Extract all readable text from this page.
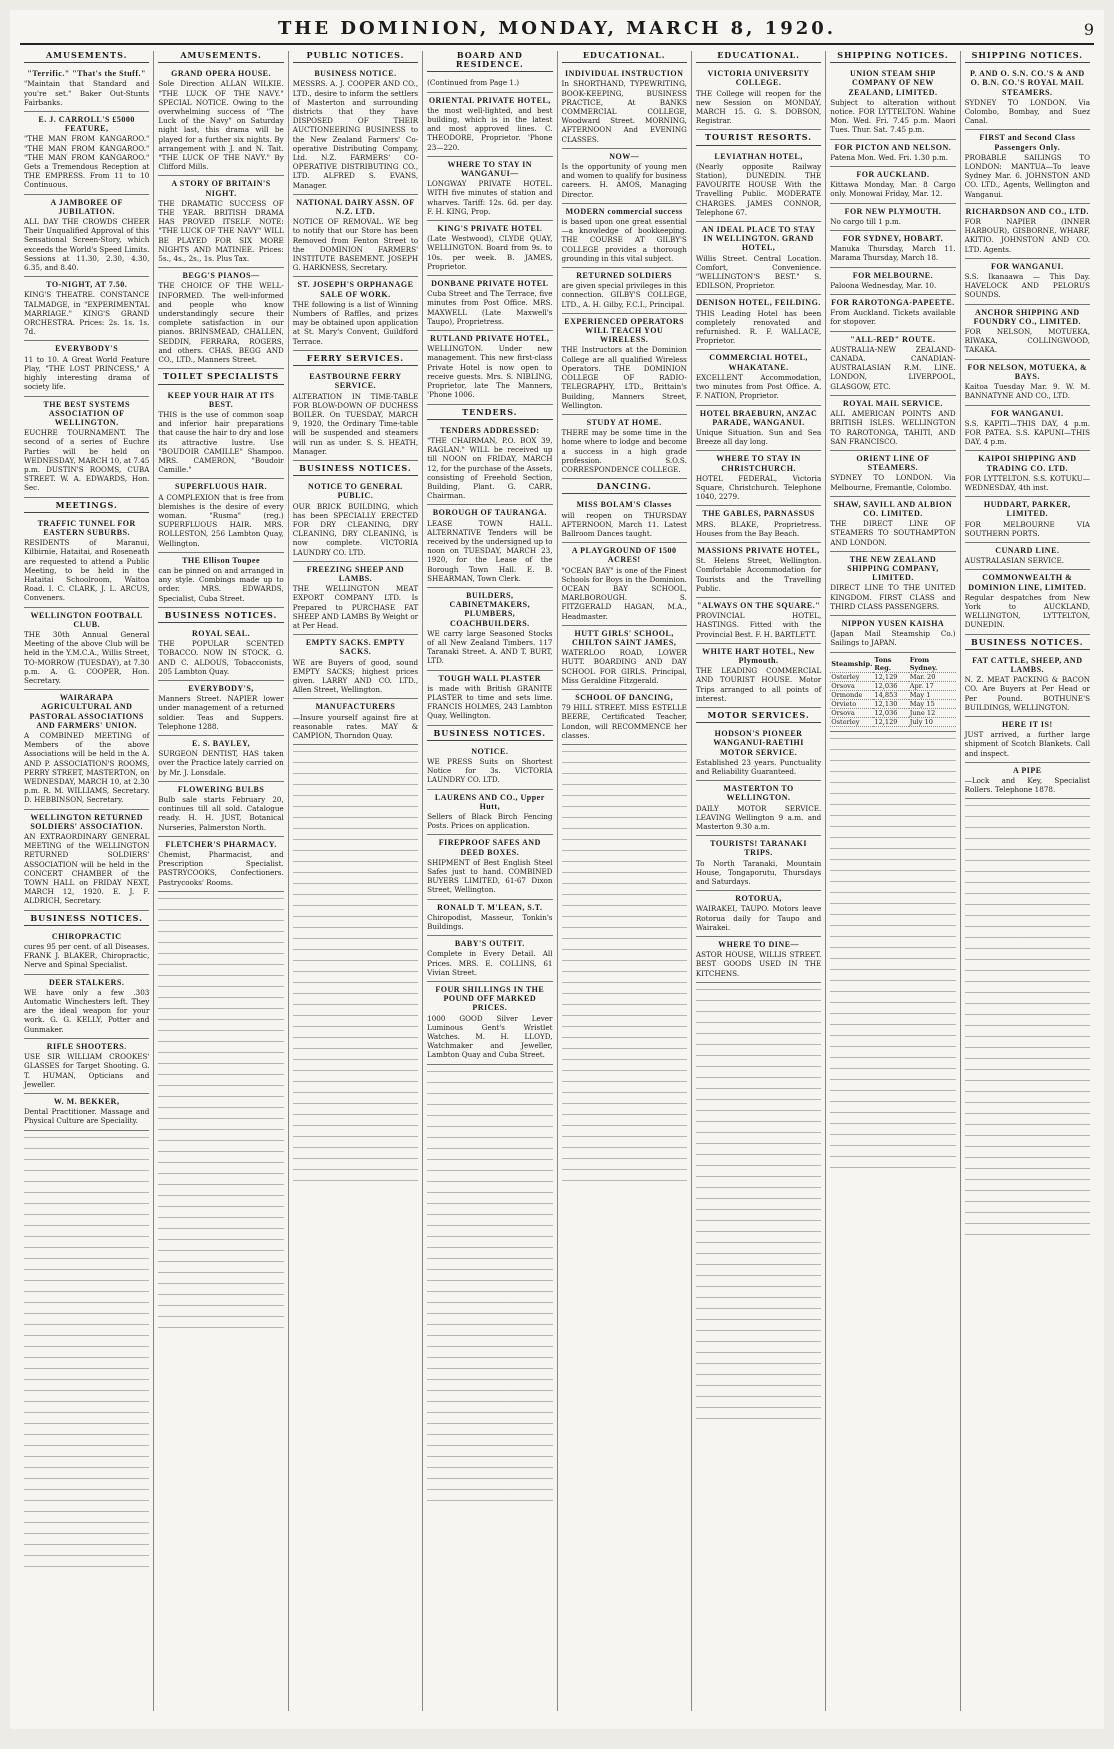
THE DOMINION, MONDAY, MARCH 8, 1920.	9
AMUSEMENTS.
"Terrific." "That's the Stuff."

"Maintain that Standard and you're set." Baker Out-Stunts Fairbanks.

E. J. CARROLL'S £5000 FEATURE,

"THE MAN FROM KANGAROO." "THE MAN FROM KANGAROO." "THE MAN FROM KANGAROO." Gets a Tremendous Reception at THE EMPRESS. From 11 to 10 Continuous.

A JAMBOREE OF JUBILATION.

ALL DAY THE CROWDS CHEER Their Unqualified Approval of this Sensational Screen-Story, which exceeds the World's Speed Limits. Sessions at 11.30, 2.30, 4.30, 6.35, and 8.40.

TO-NIGHT, AT 7.50.

KING'S THEATRE. CONSTANCE TALMADGE, in "EXPERIMENTAL MARRIAGE." KING'S GRAND ORCHESTRA. Prices: 2s. 1s. 1s. 7d.

EVERYBODY'S

11 to 10. A Great World Feature Play, "THE LOST PRINCESS," A highly interesting drama of society life.

THE BEST SYSTEMS ASSOCIATION OF WELLINGTON.

EUCHRE TOURNAMENT. The second of a series of Euchre Parties will be held on WEDNESDAY, MARCH 10, at 7.45 p.m. DUSTIN'S ROOMS, CUBA STREET. W. A. EDWARDS, Hon. Sec.

MEETINGS.
TRAFFIC TUNNEL FOR EASTERN SUBURBS.

RESIDENTS of Maranui, Kilbirnie, Hataitai, and Roseneath are requested to attend a Public Meeting, to be held in the Hataitai Schoolroom, Waitoa Road. I. C. CLARK, J. L. ARCUS, Conveners.

WELLINGTON FOOTBALL CLUB.

THE 30th Annual General Meeting of the above Club will be held in the Y.M.C.A., Willis Street, TO-MORROW (TUESDAY), at 7.30 p.m. A. G. COOPER, Hon. Secretary.

WAIRARAPA AGRICULTURAL AND PASTORAL ASSOCIATIONS AND FARMERS' UNION.

A COMBINED MEETING of Members of the above Associations will be held in the A. AND P. ASSOCIATION'S ROOMS, PERRY STREET, MASTERTON, on WEDNESDAY, MARCH 10, at 2.30 p.m. R. M. WILLIAMS, Secretary. D. HEBBINSON, Secretary.

WELLINGTON RETURNED SOLDIERS' ASSOCIATION.

AN EXTRAORDINARY GENERAL MEETING of the WELLINGTON RETURNED SOLDIERS' ASSOCIATION will be held in the CONCERT CHAMBER of the TOWN HALL on FRIDAY NEXT, MARCH 12, 1920. E. J. F. ALDRICH, Secretary.

BUSINESS NOTICES.
CHIROPRACTIC

cures 95 per cent. of all Diseases. FRANK J. BLAKER, Chiropractic, Nerve and Spinal Specialist.

DEER STALKERS.

WE have only a few .303 Automatic Winchesters left. They are the ideal weapon for your work. G. G. KELLY, Potter and Gunmaker.

RIFLE SHOOTERS.

USE SIR WILLIAM CROOKES' GLASSES for Target Shooting. G. T. HUMAN, Opticians and Jeweller.

W. M. BEKKER,

Dental Practitioner. Massage and Physical Culture are Speciality.

AMUSEMENTS.
GRAND OPERA HOUSE.

Sole Direction ALLAN WILKIE. "THE LUCK OF THE NAVY." SPECIAL NOTICE. Owing to the overwhelming success of "The Luck of the Navy" on Saturday night last, this drama will be played for a further six nights. By arrangement with J. and N. Tait. "THE LUCK OF THE NAVY." By Clifford Mills.

A STORY OF BRITAIN'S NIGHT.

THE DRAMATIC SUCCESS OF THE YEAR. BRITISH DRAMA HAS PROVED ITSELF. NOTE: "THE LUCK OF THE NAVY" WILL BE PLAYED FOR SIX MORE NIGHTS AND MATINEE. Prices: 5s., 4s., 2s., 1s. Plus Tax.

BEGG'S PIANOS—

THE CHOICE OF THE WELL-INFORMED. The well-informed and people who know understandingly secure their complete satisfaction in our pianos. BRINSMEAD, CHALLEN, SEDDIN, FERRARA, ROGERS, and others. CHAS. BEGG AND CO., LTD., Manners Street.

TOILET SPECIALISTS
KEEP YOUR HAIR AT ITS BEST.

THIS is the use of common soap and inferior hair preparations that cause the hair to dry and lose its attractive lustre. Use "BOUDOIR CAMILLE" Shampoo. MRS. CAMERON, "Boudoir Camille."

SUPERFLUOUS HAIR.

A COMPLEXION that is free from blemishes is the desire of every woman. "Rusma" (reg.) SUPERFLUOUS HAIR. MRS. ROLLESTON, 256 Lambton Quay, Wellington.

THE Ellison Toupee

can be pinned on and arranged in any style. Combings made up to order. MRS. EDWARDS, Specialist, Cuba Street.

BUSINESS NOTICES.
ROYAL SEAL.

THE POPULAR SCENTED TOBACCO. NOW IN STOCK. G. AND C. ALDOUS, Tobacconists, 205 Lambton Quay.

EVERYBODY'S,

Manners Street. NAPIER lower under management of a returned soldier. Teas and Suppers. Telephone 1288.

E. S. BAYLEY,

SURGEON DENTIST, HAS taken over the Practice lately carried on by Mr. J. Lonsdale.

FLOWERING BULBS

Bulb sale starts February 20, continues till all sold. Catalogue ready. H. H. JUST, Botanical Nurseries, Palmerston North.

FLETCHER'S PHARMACY.

Chemist, Pharmacist, and Prescription Specialist. PASTRYCOOKS, Confectioners. Pastrycooks' Rooms.

PUBLIC NOTICES.
BUSINESS NOTICE.

MESSRS. A. J. COOPER AND CO., LTD., desire to inform the settlers of Masterton and surrounding districts that they have DISPOSED OF THEIR AUCTIONEERING BUSINESS to the New Zealand Farmers' Co-operative Distributing Company, Ltd. N.Z. FARMERS' CO-OPERATIVE DISTRIBUTING CO., LTD. ALFRED S. EVANS, Manager.

NATIONAL DAIRY ASSN. OF N.Z. LTD.

NOTICE OF REMOVAL. WE beg to notify that our Store has been Removed from Fenton Street to the DOMINION FARMERS' INSTITUTE BASEMENT. JOSEPH G. HARKNESS, Secretary.

ST. JOSEPH'S ORPHANAGE SALE OF WORK.

THE following is a list of Winning Numbers of Raffles, and prizes may be obtained upon application at St. Mary's Convent, Guildford Terrace.

FERRY SERVICES.
EASTBOURNE FERRY SERVICE.

ALTERATION IN TIME-TABLE FOR BLOW-DOWN OF DUCHESS BOILER. On TUESDAY, MARCH 9, 1920, the Ordinary Time-table will be suspended and steamers will run as under. S. S. HEATH, Manager.

BUSINESS NOTICES.
NOTICE TO GENERAL PUBLIC.

OUR BRICK BUILDING, which has been SPECIALLY ERECTED FOR DRY CLEANING, DRY CLEANING, DRY CLEANING, is now complete. VICTORIA LAUNDRY CO. LTD.

FREEZING SHEEP AND LAMBS.

THE WELLINGTON MEAT EXPORT COMPANY LTD. Is Prepared to PURCHASE FAT SHEEP AND LAMBS By Weight or at Per Head.

EMPTY SACKS. EMPTY SACKS.

WE are Buyers of good, sound EMPTY SACKS; highest prices given. LARRY AND CO. LTD., Allen Street, Wellington.

MANUFACTURERS

—Insure yourself against fire at reasonable rates. MAY & CAMPION, Thorndon Quay.

BOARD AND RESIDENCE.
(Continued from Page 1.)
ORIENTAL PRIVATE HOTEL,

the most well-lighted, and best building, which is in the latest and most approved lines. C. THEODORE, Proprietor. 'Phone 23—220.

WHERE TO STAY IN WANGANUI—

LONGWAY PRIVATE HOTEL. WITH five minutes of station and wharves. Tariff: 12s. 6d. per day. F. H. KING, Prop.

KING'S PRIVATE HOTEL

(Late Westwood), CLYDE QUAY, WELLINGTON. Board from 9s. to 10s. per week. B. JAMES, Proprietor.

DONBANE PRIVATE HOTEL

Cuba Street and The Terrace, five minutes from Post Office. MRS. MAXWELL (Late Maxwell's Taupo), Proprietress.

RUTLAND PRIVATE HOTEL,

WELLINGTON. Under new management. This new first-class Private Hotel is now open to receive guests. Mrs. S. NIBLING, Proprietor, late The Manners, 'Phone 1006.

TENDERS.
TENDERS ADDRESSED:

"THE CHAIRMAN, P.O. BOX 39, RAGLAN." WILL be received up till NOON on FRIDAY, MARCH 12, for the purchase of the Assets, consisting of Freehold Section, Building, Plant. G. CARR, Chairman.

BOROUGH OF TAURANGA.

LEASE TOWN HALL. ALTERNATIVE Tenders will be received by the undersigned up to noon on TUESDAY, MARCH 23, 1920, for the Lease of the Borough Town Hall. E. B. SHEARMAN, Town Clerk.

BUILDERS, CABINETMAKERS, PLUMBERS, COACHBUILDERS.

WE carry large Seasoned Stocks of all New Zealand Timbers. 117 Taranaki Street. A. AND T. BURT, LTD.

TOUGH WALL PLASTER

is made with British GRANITE PLASTER to time and sets lime. FRANCIS HOLMES, 243 Lambton Quay, Wellington.

BUSINESS NOTICES.
NOTICE.

WE PRESS Suits on Shortest Notice for 3s. VICTORIA LAUNDRY CO. LTD.

LAURENS AND CO., Upper Hutt,

Sellers of Black Birch Fencing Posts. Prices on application.

FIREPROOF SAFES AND DEED BOXES.

SHIPMENT of Best English Steel Safes just to hand. COMBINED BUYERS LIMITED, 61-67 Dixon Street, Wellington.

RONALD T. M'LEAN, S.T.

Chiropodist, Masseur, Tonkin's Buildings.

BABY'S OUTFIT.

Complete in Every Detail. All Prices. MRS. E. COLLINS, 61 Vivian Street.

FOUR SHILLINGS IN THE POUND OFF MARKED PRICES.

1000 GOOD Silver Lever Luminous Gent's Wristlet Watches. M. H. LLOYD, Watchmaker and Jeweller, Lambton Quay and Cuba Street.

EDUCATIONAL.
INDIVIDUAL INSTRUCTION

In SHORTHAND, TYPEWRITING, BOOK-KEEPING, BUSINESS PRACTICE, At BANKS COMMERCIAL COLLEGE, Woodward Street. MORNING, AFTERNOON And EVENING CLASSES.

NOW—

Is the opportunity of young men and women to qualify for business careers. H. AMOS, Managing Director.

MODERN commercial success

is based upon one great essential—a knowledge of bookkeeping. THE COURSE AT GILBY'S COLLEGE provides a thorough grounding in this vital subject.

RETURNED SOLDIERS

are given special privileges in this connection. GILBY'S COLLEGE, LTD., A. H. Gilby, F.C.I., Principal.

EXPERIENCED OPERATORS WILL TEACH YOU WIRELESS.

THE Instructors at the Dominion College are all qualified Wireless Operators. THE DOMINION COLLEGE OF RADIO-TELEGRAPHY, LTD., Brittain's Building, Manners Street, Wellington.

STUDY AT HOME.

THERE may be some time in the home where to lodge and become a success in a high grade profession. S.O.S. CORRESPONDENCE COLLEGE.

DANCING.
MISS BOLAM'S Classes

will reopen on THURSDAY AFTERNOON, March 11. Latest Ballroom Dances taught.

A PLAYGROUND OF 1500 ACRES!

"OCEAN BAY" is one of the Finest Schools for Boys in the Dominion. OCEAN BAY SCHOOL, MARLBOROUGH. S. FITZGERALD HAGAN, M.A., Headmaster.

HUTT GIRLS' SCHOOL, CHILTON SAINT JAMES,

WATERLOO ROAD, LOWER HUTT. BOARDING AND DAY SCHOOL FOR GIRLS. Principal, Miss Geraldine Fitzgerald.

SCHOOL OF DANCING,

79 HILL STREET. MISS ESTELLE BEERE, Certificated Teacher, London, will RECOMMENCE her classes.

EDUCATIONAL.
VICTORIA UNIVERSITY COLLEGE.

THE College will reopen for the new Session on MONDAY, MARCH 15. G. S. DOBSON, Registrar.

TOURIST RESORTS.
LEVIATHAN HOTEL,

(Nearly opposite Railway Station), DUNEDIN. THE FAVOURITE HOUSE With the Travelling Public. MODERATE CHARGES. JAMES CONNOR, Telephone 67.

AN IDEAL PLACE TO STAY IN WELLINGTON. GRAND HOTEL,

Willis Street. Central Location. Comfort, Convenience. "WELLINGTON'S BEST." S. EDILSON, Proprietor.

DENISON HOTEL, FEILDING.

THIS Leading Hotel has been completely renovated and refurnished. R. F. WALLACE, Proprietor.

COMMERCIAL HOTEL, WHAKATANE.

EXCELLENT Accommodation, two minutes from Post Office. A. F. NATION, Proprietor.

HOTEL BRAEBURN, ANZAC PARADE, WANGANUI.

Unique Situation. Sun and Sea Breeze all day long.

WHERE TO STAY IN CHRISTCHURCH.

HOTEL FEDERAL, Victoria Square, Christchurch. Telephone 1040, 2279.

THE GABLES, PARNASSUS

MRS. BLAKE, Proprietress. Houses from the Bay Beach.

MASSIONS PRIVATE HOTEL,

St. Helens Street, Wellington. Comfortable Accommodation for Tourists and the Travelling Public.

"ALWAYS ON THE SQUARE."

PROVINCIAL HOTEL, HASTINGS. Fitted with the Provincial Best. F. H. BARTLETT.

WHITE HART HOTEL, New Plymouth.

THE LEADING COMMERCIAL AND TOURIST HOUSE. Motor Trips arranged to all points of interest.

MOTOR SERVICES.
HODSON'S PIONEER WANGANUI-RAETIHI MOTOR SERVICE.

Established 23 years. Punctuality and Reliability Guaranteed.

MASTERTON TO WELLINGTON.

DAILY MOTOR SERVICE. LEAVING Wellington 9 a.m. and Masterton 9.30 a.m.

TOURISTS! TARANAKI TRIPS.

To North Taranaki, Mountain House, Tongaporutu, Thursdays and Saturdays.

ROTORUA,

WAIRAKEI, TAUPO. Motors leave Rotorua daily for Taupo and Wairakei.

WHERE TO DINE—

ASTOR HOUSE, WILLIS STREET. BEST GOODS USED IN THE KITCHENS.

SHIPPING NOTICES.
UNION STEAM SHIP COMPANY OF NEW ZEALAND, LIMITED.

Subject to alteration without notice. FOR LYTTELTON. Wahine Mon. Wed. Fri. 7.45 p.m. Maori Tues. Thur. Sat. 7.45 p.m.

FOR PICTON AND NELSON.

Patena Mon. Wed. Fri. 1.30 p.m.

FOR AUCKLAND.

Kittawa Monday, Mar. 8 Cargo only. Monowai Friday, Mar. 12.

FOR NEW PLYMOUTH.

No cargo till 1 p.m.

FOR SYDNEY, HOBART.

Manuka Thursday, March 11. Marama Thursday, March 18.

FOR MELBOURNE.

Paloona Wednesday, Mar. 10.

FOR RAROTONGA-PAPEETE.

From Auckland. Tickets available for stopover.

"ALL-RED" ROUTE.

AUSTRALIA-NEW ZEALAND-CANADA. CANADIAN-AUSTRALASIAN R.M. LINE. LONDON, LIVERPOOL, GLASGOW, ETC.

ROYAL MAIL SERVICE.

ALL AMERICAN POINTS AND BRITISH ISLES. WELLINGTON TO RAROTONGA, TAHITI, AND SAN FRANCISCO.

ORIENT LINE OF STEAMERS.

SYDNEY TO LONDON. Via Melbourne, Fremantle, Colombo.

SHAW, SAVILL AND ALBION CO. LIMITED.

THE DIRECT LINE OF STEAMERS TO SOUTHAMPTON AND LONDON.

THE NEW ZEALAND SHIPPING COMPANY, LIMITED.

DIRECT LINE TO THE UNITED KINGDOM. FIRST CLASS and THIRD CLASS PASSENGERS.

NIPPON YUSEN KAISHA

(Japan Mail Steamship Co.) Sailings to JAPAN.

Steamship.	Tons Reg.	From Sydney.
Osterley	12,129	Mar. 20
Orsova	12,036	Apr. 17
Ormonde	14,853	May 1
Orvieto	12,130	May 15
Orsova	12,036	June 12
Osterley	12,129	July 10
SHIPPING NOTICES.
P. AND O. S.N. CO.'S & AND O. B.N. CO.'S ROYAL MAIL STEAMERS.

SYDNEY TO LONDON. Via Colombo, Bombay, and Suez Canal.

FIRST and Second Class Passengers Only.

PROBABLE SAILINGS TO LONDON: MANTUA—To leave Sydney Mar. 6. JOHNSTON AND CO. LTD., Agents, Wellington and Wanganui.

RICHARDSON AND CO., LTD.

FOR NAPIER (INNER HARBOUR), GISBORNE, WHARF, AKITIO. JOHNSTON AND CO. LTD. Agents.

FOR WANGANUI.

S.S. Ikanaawa — This Day. HAVELOCK AND PELORUS SOUNDS.

ANCHOR SHIPPING AND FOUNDRY CO., LIMITED.

FOR NELSON, MOTUEKA, RIWAKA, COLLINGWOOD, TAKAKA.

FOR NELSON, MOTUEKA, & BAYS.

Kaitoa Tuesday Mar. 9. W. M. BANNATYNE AND CO., LTD.

FOR WANGANUI.

S.S. KAPITI—THIS DAY, 4 p.m. FOR PATEA. S.S. KAPUNI—THIS DAY, 4 p.m.

KAIPOI SHIPPING AND TRADING CO. LTD.

FOR LYTTELTON. S.S. KOTUKU—WEDNESDAY, 4th inst.

HUDDART, PARKER, LIMITED.

FOR MELBOURNE VIA SOUTHERN PORTS.

CUNARD LINE.

AUSTRALASIAN SERVICE.

COMMONWEALTH & DOMINION LINE, LIMITED.

Regular despatches from New York to AUCKLAND, WELLINGTON, LYTTELTON, DUNEDIN.

BUSINESS NOTICES.
FAT CATTLE, SHEEP, AND LAMBS.

N. Z. MEAT PACKING & BACON CO. Are Buyers at Per Head or Per Pound. BOTHUNE'S BUILDINGS, WELLINGTON.

HERE IT IS!

JUST arrived, a further large shipment of Scotch Blankets. Call and inspect.

A PIPE

—Lock and Key, Specialist Rollers. Telephone 1878.
